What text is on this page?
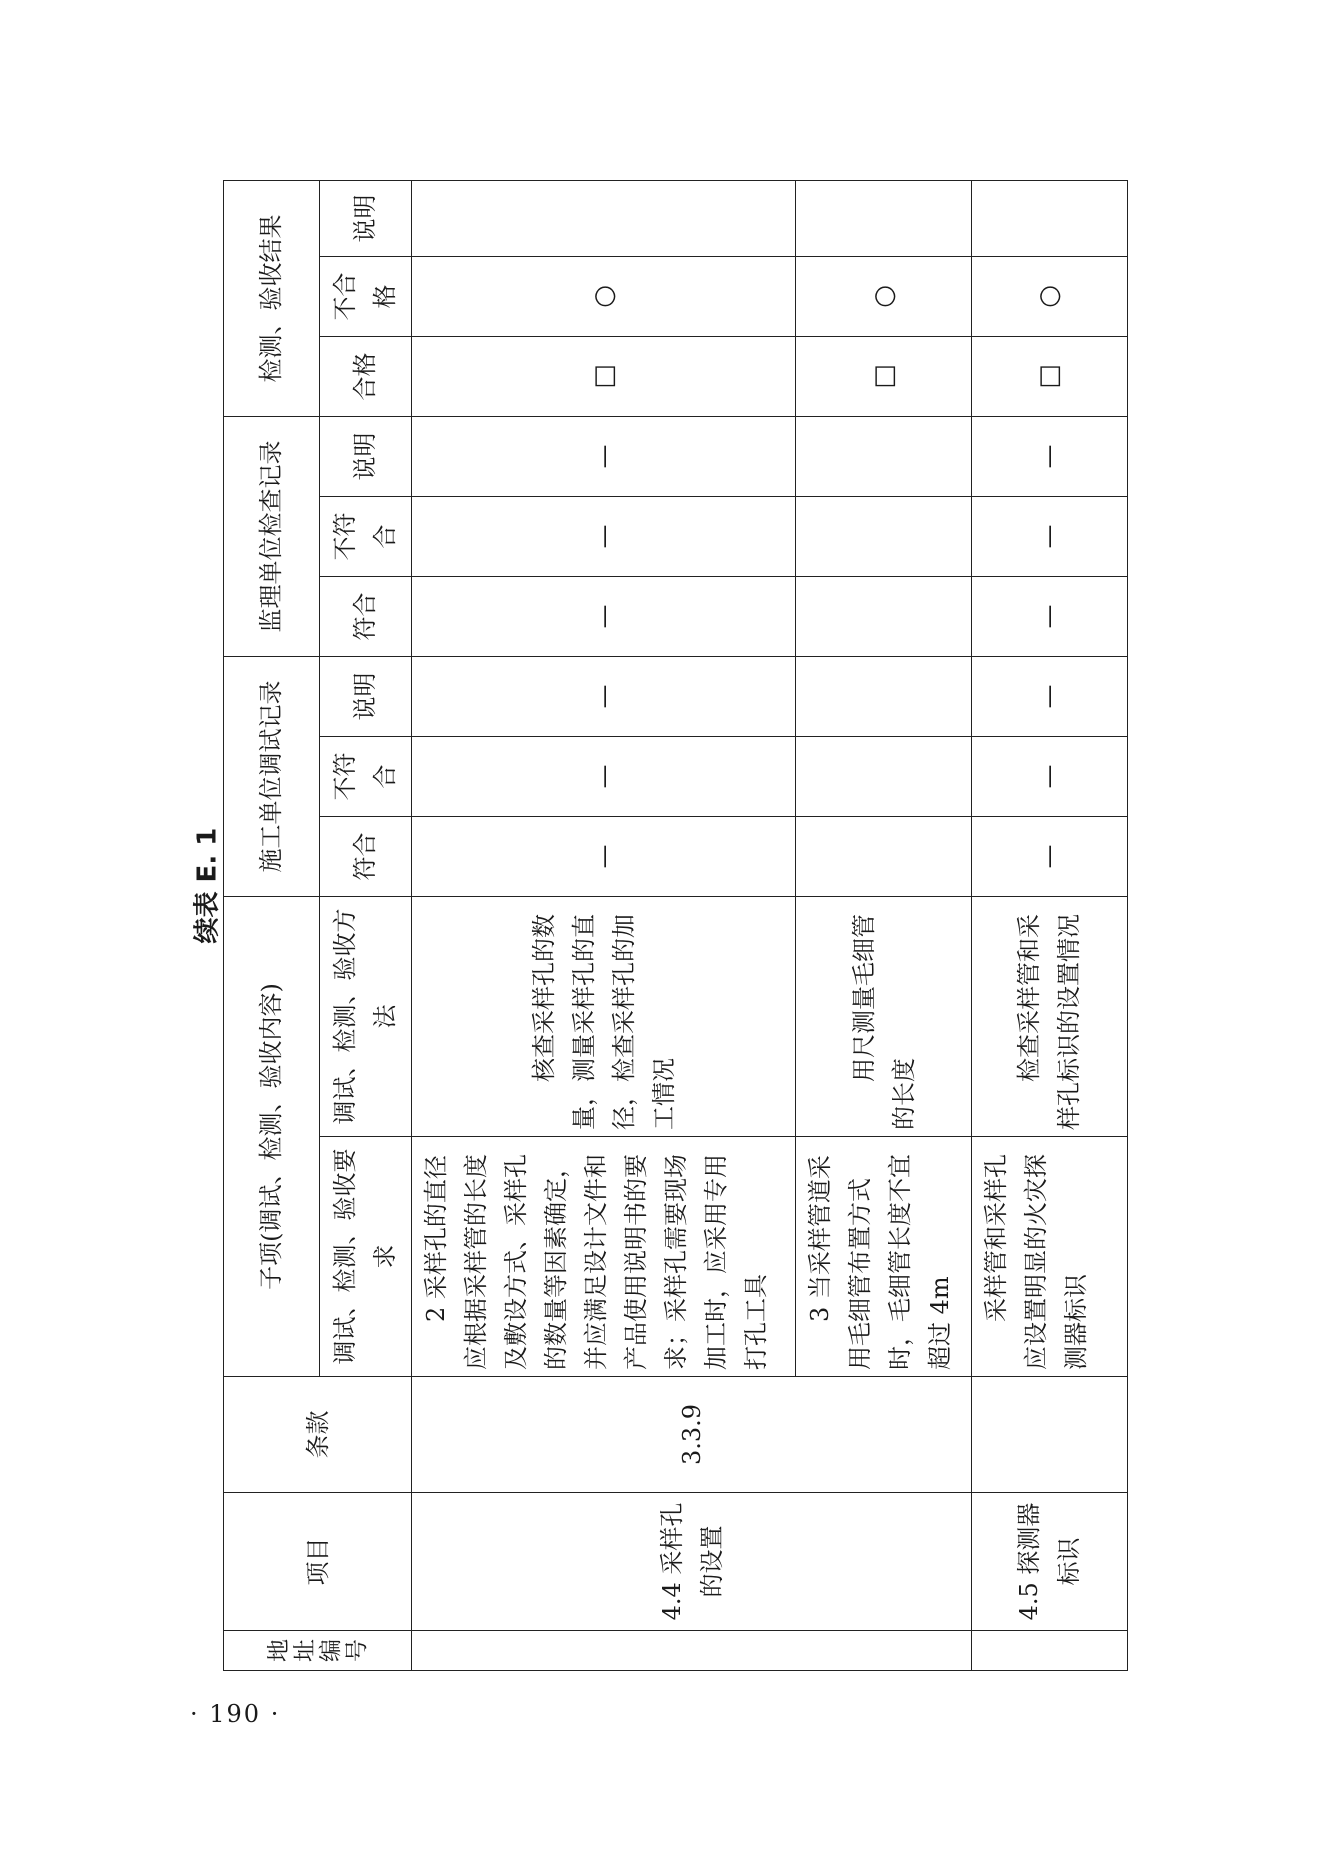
续表 E. 1
地址编号	项目	条款	子项(调试、检测、验收内容)		施工单位调试记录			监理单位检查记录			检测、验收结果		
			调试、检测、验收要求	调试、检测、验收方法	符合	不符合	说明	符合	不符合	说明	合格	不合格	说明
	4.4 采样孔的设置	3.3.9	2 采样孔的直径应根据采样管的长度及敷设方式、采样孔的数量等因素确定，并应满足设计文件和产品使用说明书的要求；采样孔需要现场加工时，应采用专用打孔工具	核查采样孔的数量，测量采样孔的直径，检查采样孔的加工情况	—	—	—	—	—	—	□	○	
			3 当采样管道采用毛细管布置方式时，毛细管长度不宜超过 4m	用尺测量毛细管的长度							□	○	
	4.5 探测器标识		采样管和采样孔应设置明显的火灾探测器标识	检查采样管和采样孔标识的设置情况	—	—	—	—	—	—	□	○	
· 190 ·
